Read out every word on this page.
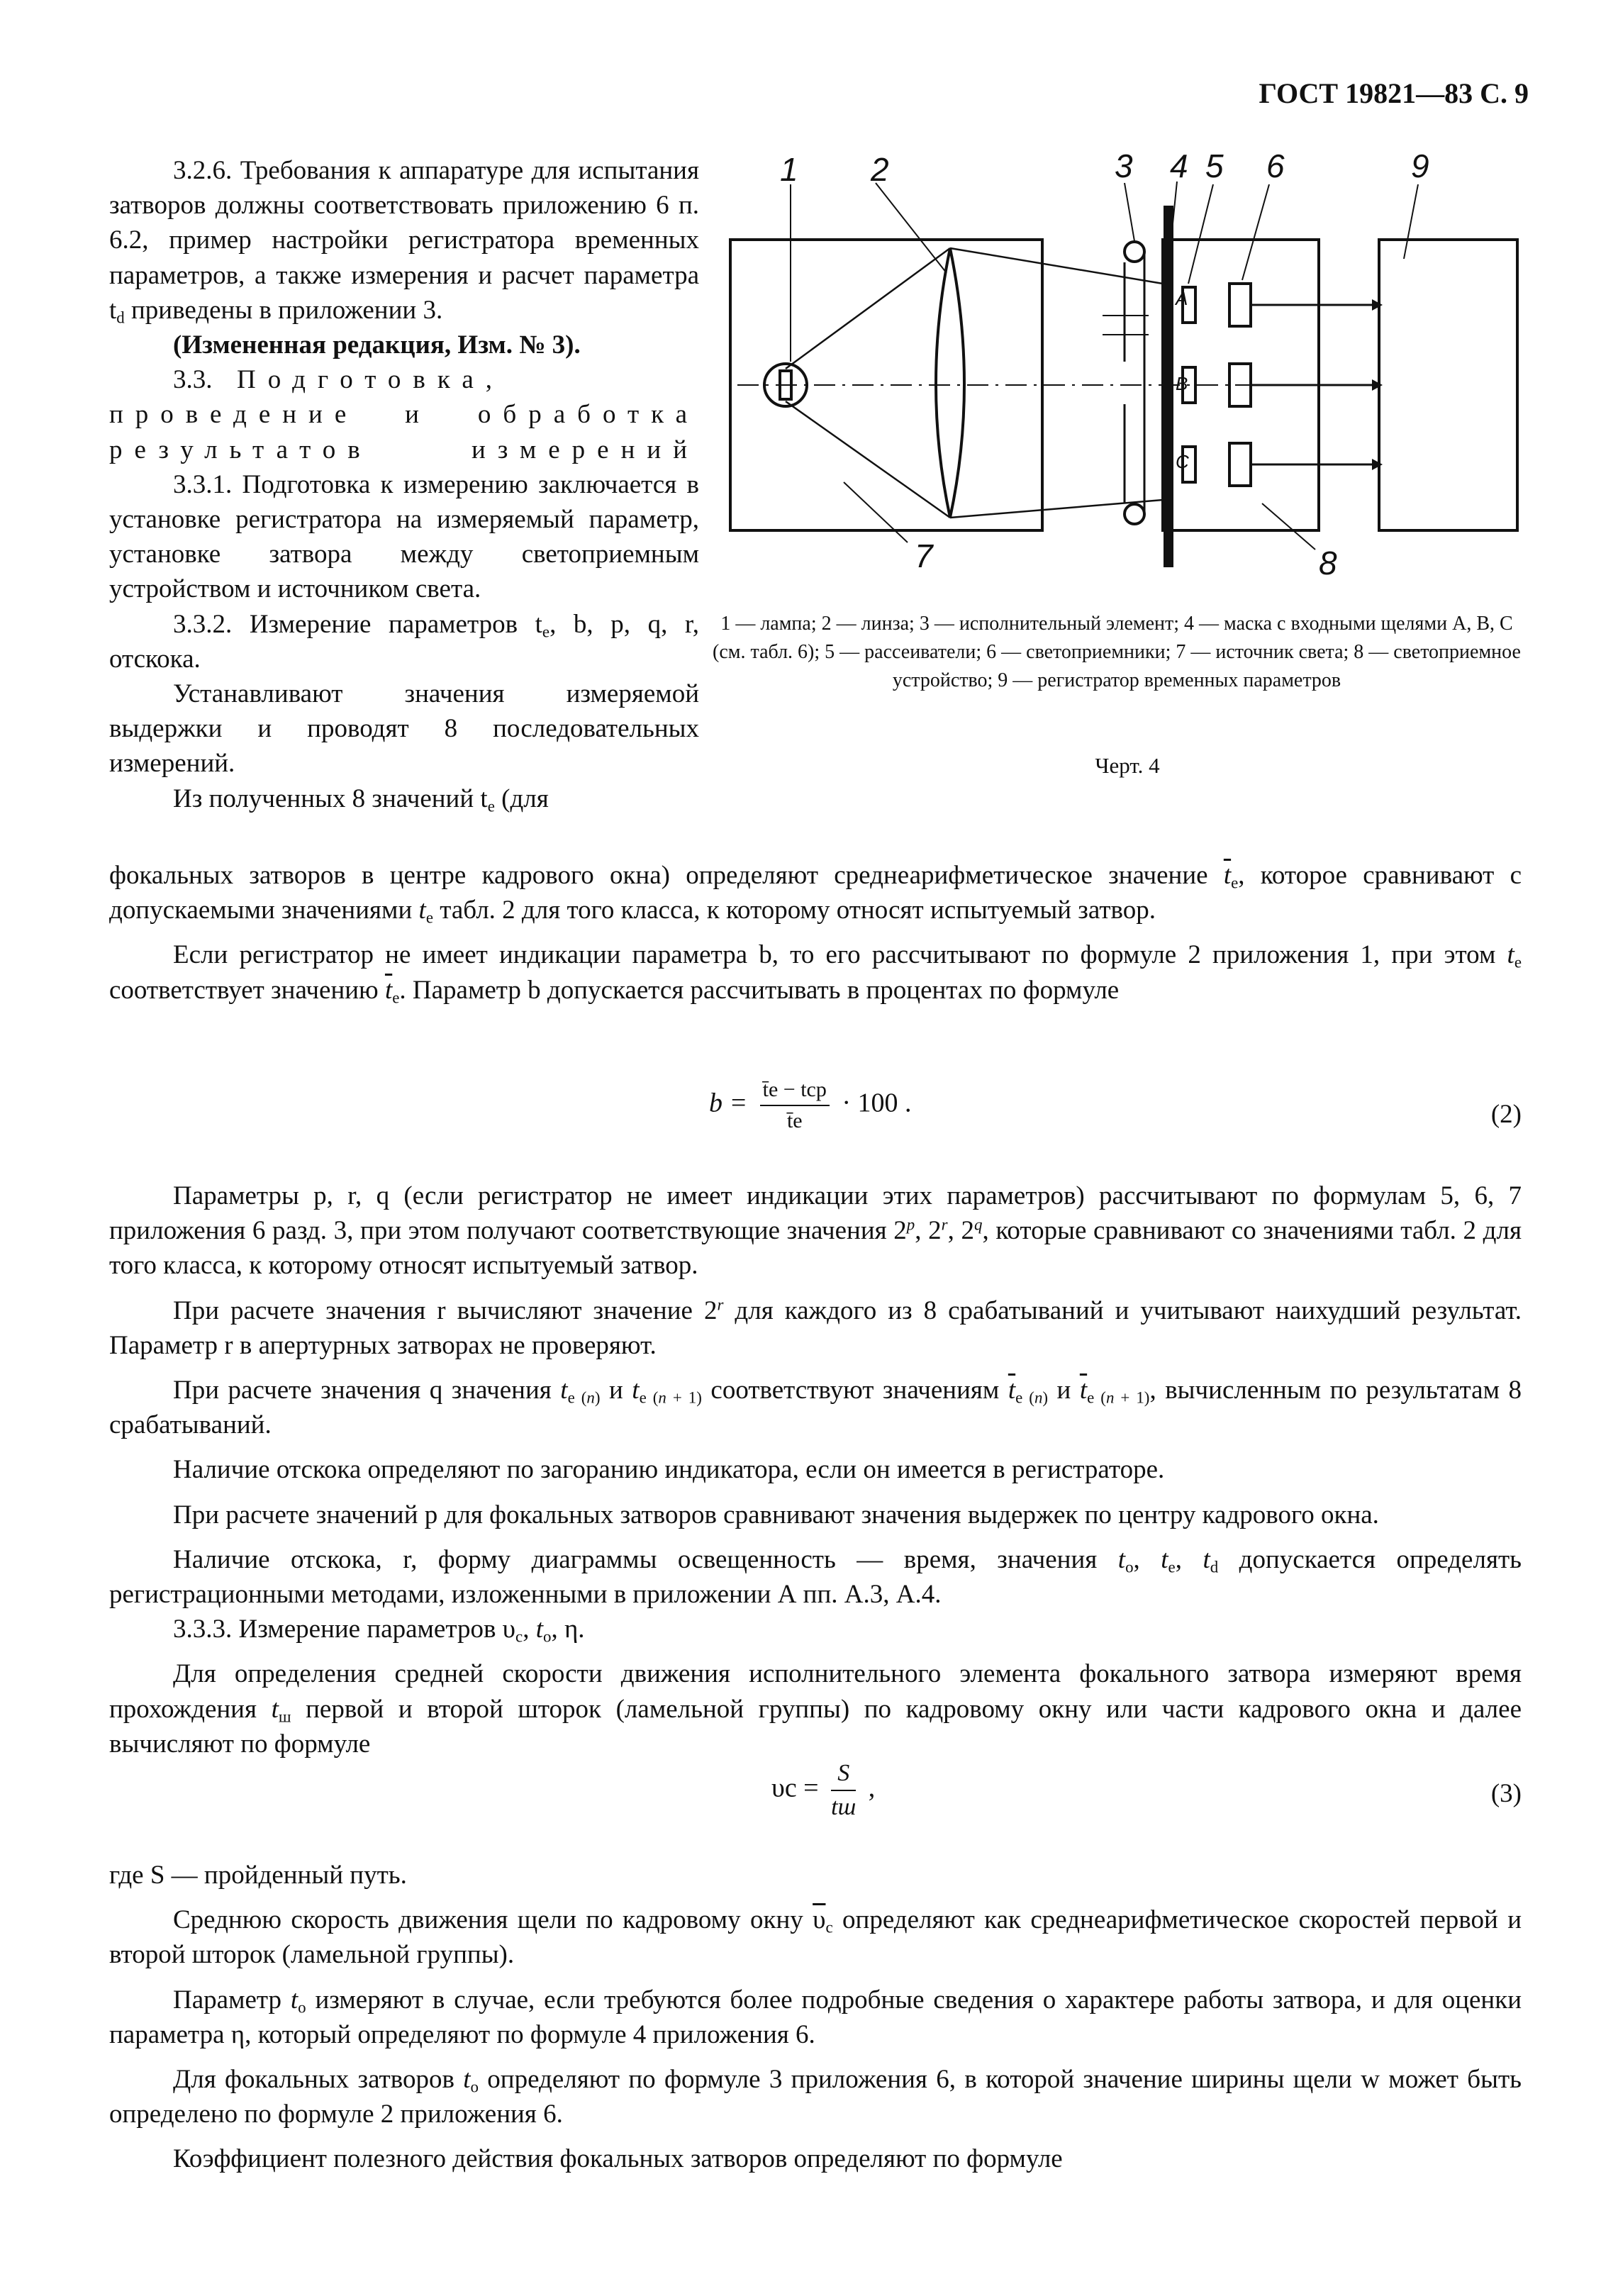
ГОСТ 19821—83 С. 9

3.2.6. Требования к аппаратуре для испытания затворов должны соответствовать приложению 6 п. 6.2, пример настройки регистратора временных параметров, а также измерения и расчет параметра $t_d$ приведены в приложении 3.

(Измененная редакция, Изм. № 3).

3.3. Подготовка, проведение и обработка результатов измерений

3.3.1. Подготовка к измерению заключается в установке регистратора на измеряемый параметр, установке затвора между светоприемным устройством и источником света.

3.3.2. Измерение параметров $t_e$, b, p, q, r, отскока.

Устанавливают значения измеряемой выдержки и проводят 8 последовательных измерений.

Из полученных 8 значений $t_e$ (для

1 2	3 4 5 6	9
7	8
A
B
C
1 — лампа; 2 — линза; 3 — исполнительный элемент; 4 — маска с входными щелями A, B, C (см. табл. 6); 5 — рассеиватели; 6 — светоприемники; 7 — источник света; 8 — светоприемное устройство; 9 — регистратор временных параметров
Черт. 4

фокальных затворов в центре кадрового окна) определяют среднеарифметическое значение $\overline{t}_e$, которое сравнивают с допускаемыми значениями $t_e$ табл. 2 для того класса, к которому относят испытуемый затвор.

Если регистратор не имеет индикации параметра b, то его рассчитывают по формуле 2 приложения 1, при этом $t_e$ соответствует значению $\overline{t}_e$. Параметр b допускается рассчитывать в процентах по формуле

$b = \frac{\text{t̄e − tср}}{t̄e} \cdot 100$ .	(2)

Параметры p, r, q (если регистратор не имеет индикации этих параметров) рассчитывают по формулам 5, 6, 7 приложения 6 разд. 3, при этом получают соответствующие значения 2$^p$, 2$^r$, 2$^q$, которые сравнивают со значениями табл. 2 для того класса, к которому относят испытуемый затвор.

При расчете значения r вычисляют значение 2$^r$ для каждого из 8 срабатываний и учитывают наихудший результат. Параметр r в апертурных затворах не проверяют.

При расчете значения q значения $t_{e (n)}$ и $t_{e (n + 1)}$ соответствуют значениям $\overline{t}_{e (n)}$ и $\overline{t}_{e (n + 1)}$, вычисленным по результатам 8 срабатываний.

Наличие отскока определяют по загоранию индикатора, если он имеется в регистраторе.

При расчете значений p для фокальных затворов сравнивают значения выдержек по центру кадрового окна.

Наличие отскока, r, форму диаграммы освещенность — время, значения $t_o$, $t_e$, $t_d$ допускается определять регистрационными методами, изложенными в приложении А пп. А.3, А.4.

3.3.3. Измерение параметров $\upsilon_c$, $t_o$, η.

Для определения средней скорости движения исполнительного элемента фокального затвора измеряют время прохождения $t_ш$ первой и второй шторок (ламельной группы) по кадровому окну или части кадрового окна и далее вычисляют по формуле

$\upsilon с = \frac{S}{tш}$ ,	(3)

где S — пройденный путь.

Среднюю скорость движения щели по кадровому окну $\overline{\upsilon}_c$ определяют как среднеарифметическое скоростей первой и второй шторок (ламельной группы).

Параметр $t_o$ измеряют в случае, если требуются более подробные сведения о характере работы затвора, и для оценки параметра η, который определяют по формуле 4 приложения 6.

Для фокальных затворов $t_o$ определяют по формуле 3 приложения 6, в которой значение ширины щели w может быть определено по формуле 2 приложения 6.

Коэффициент полезного действия фокальных затворов определяют по формуле
